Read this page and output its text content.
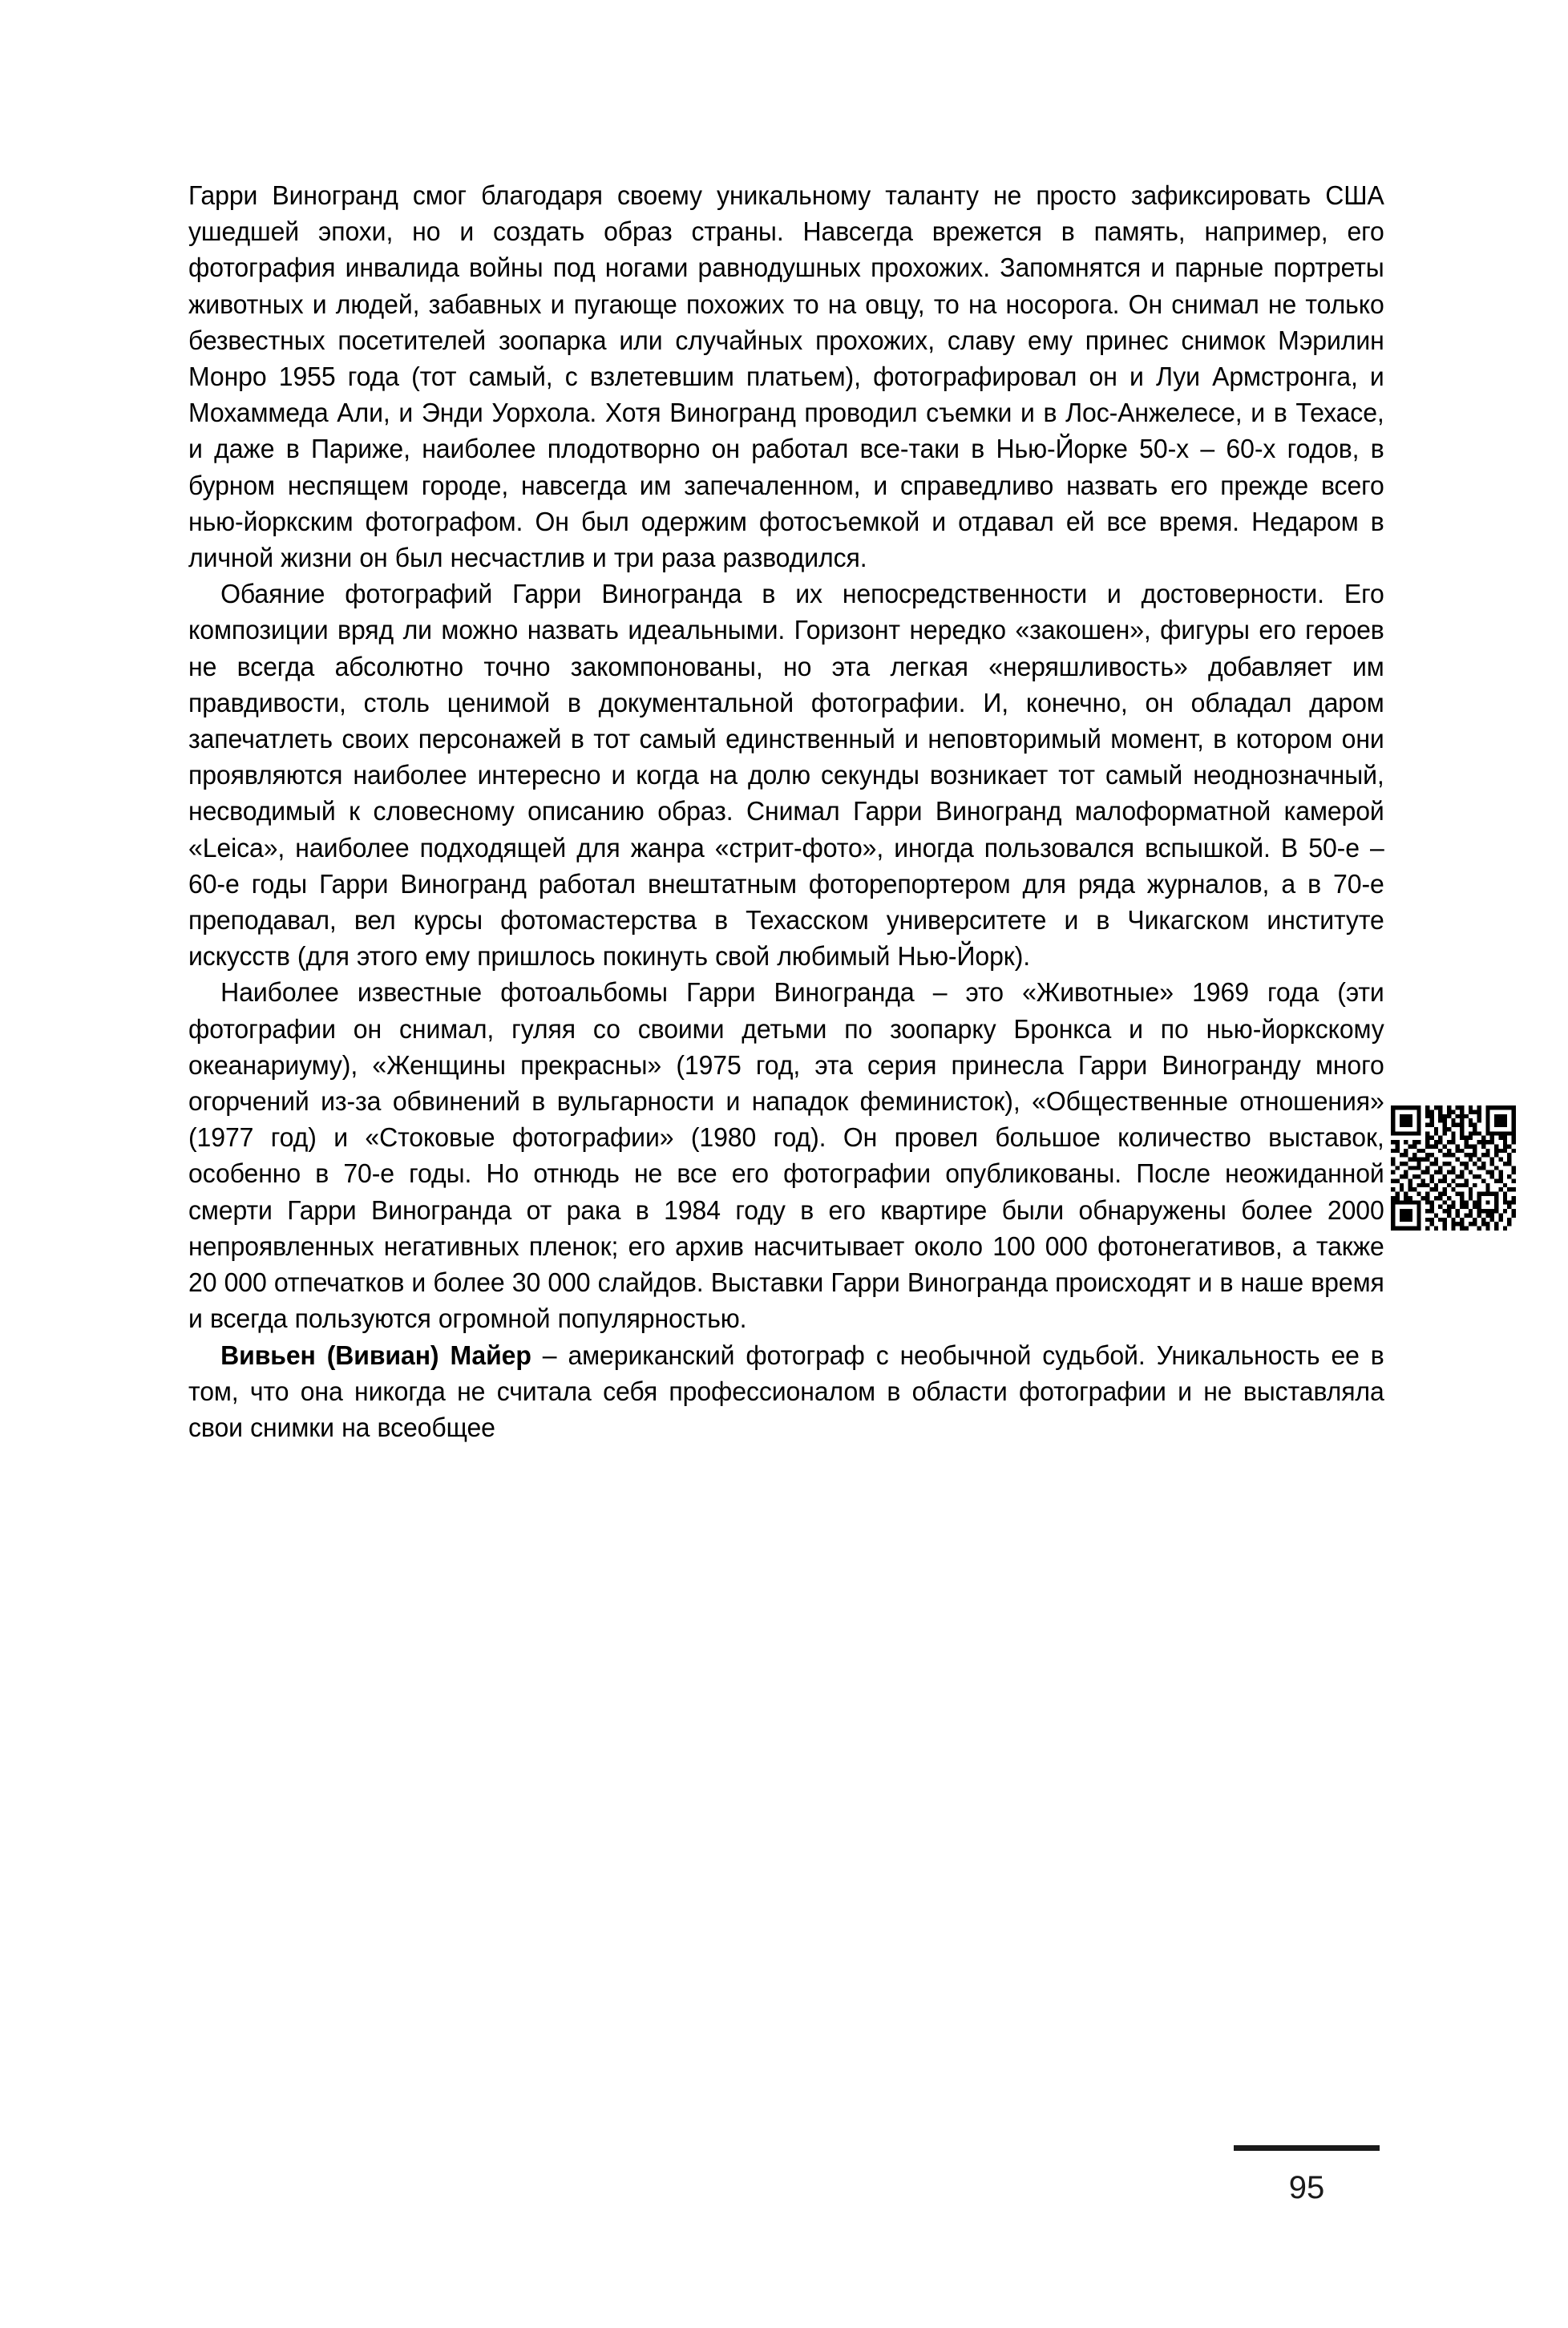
Гарри Виногранд смог благодаря своему уникальному таланту не просто зафиксировать США ушедшей эпохи, но и создать образ страны. Навсегда врежется в память, например, его фотография инвалида войны под ногами равнодушных прохожих. Запомнятся и парные портреты животных и людей, забавных и пугающе похожих то на овцу, то на носорога. Он снимал не только безвестных посетителей зоопарка или случайных прохожих, славу ему принес снимок Мэрилин Монро 1955 года (тот самый, с взлетевшим платьем), фотографировал он и Луи Армстронга, и Мохаммеда Али, и Энди Уорхола. Хотя Виногранд проводил съемки и в Лос-Анжелесе, и в Техасе, и даже в Париже, наиболее плодотворно он работал все-таки в Нью-Йорке 50-х – 60-х годов, в бурном неспящем городе, навсегда им запечаленном, и справедливо назвать его прежде всего нью-йоркским фотографом. Он был одержим фотосъемкой и отдавал ей все время. Недаром в личной жизни он был несчастлив и три раза разводился.

Обаяние фотографий Гарри Виногранда в их непосредственности и достоверности. Его композиции вряд ли можно назвать идеальными. Горизонт нередко «закошен», фигуры его героев не всегда абсолютно точно закомпонованы, но эта легкая «неряшливость» добавляет им правдивости, столь ценимой в документальной фотографии. И, конечно, он обладал даром запечатлеть своих персонажей в тот самый единственный и неповторимый момент, в котором они проявляются наиболее интересно и когда на долю секунды возникает тот самый неоднозначный, несводимый к словесному описанию образ. Снимал Гарри Виногранд малоформатной камерой «Leica», наиболее подходящей для жанра «стрит-фото», иногда пользовался вспышкой. В 50-е – 60-е годы Гарри Виногранд работал внештатным фоторепортером для ряда журналов, а в 70-е преподавал, вел курсы фотомастерства в Техасском университете и в Чикагском институте искусств (для этого ему пришлось покинуть свой любимый Нью-Йорк).

Наиболее известные фотоальбомы Гарри Виногранда – это «Животные» 1969 года (эти фотографии он снимал, гуляя со своими детьми по зоопарку Бронкса и по нью-йоркскому океанариуму), «Женщины прекрасны» (1975 год, эта серия принесла Гарри Виногранду много огорчений из-за обвинений в вульгарности и нападок феминисток), «Общественные отношения» (1977 год) и «Стоковые фотографии» (1980 год). Он провел большое количество выставок, особенно в 70-е годы. Но отнюдь не все его фотографии опубликованы. После неожиданной смерти Гарри Виногранда от рака в 1984 году в его квартире были обнаружены более 2000 непроявленных негативных пленок; его архив насчитывает около 100 000 фотонегативов, а также 20 000 отпечатков и более 30 000 слайдов. Выставки Гарри Виногранда происходят и в наше время и всегда пользуются огромной популярностью.

Вивьен (Вивиан) Майер – американский фотограф с необычной судьбой. Уникальность ее в том, что она никогда не считала себя профессионалом в области фотографии и не выставляла свои снимки на всеобщее

95
